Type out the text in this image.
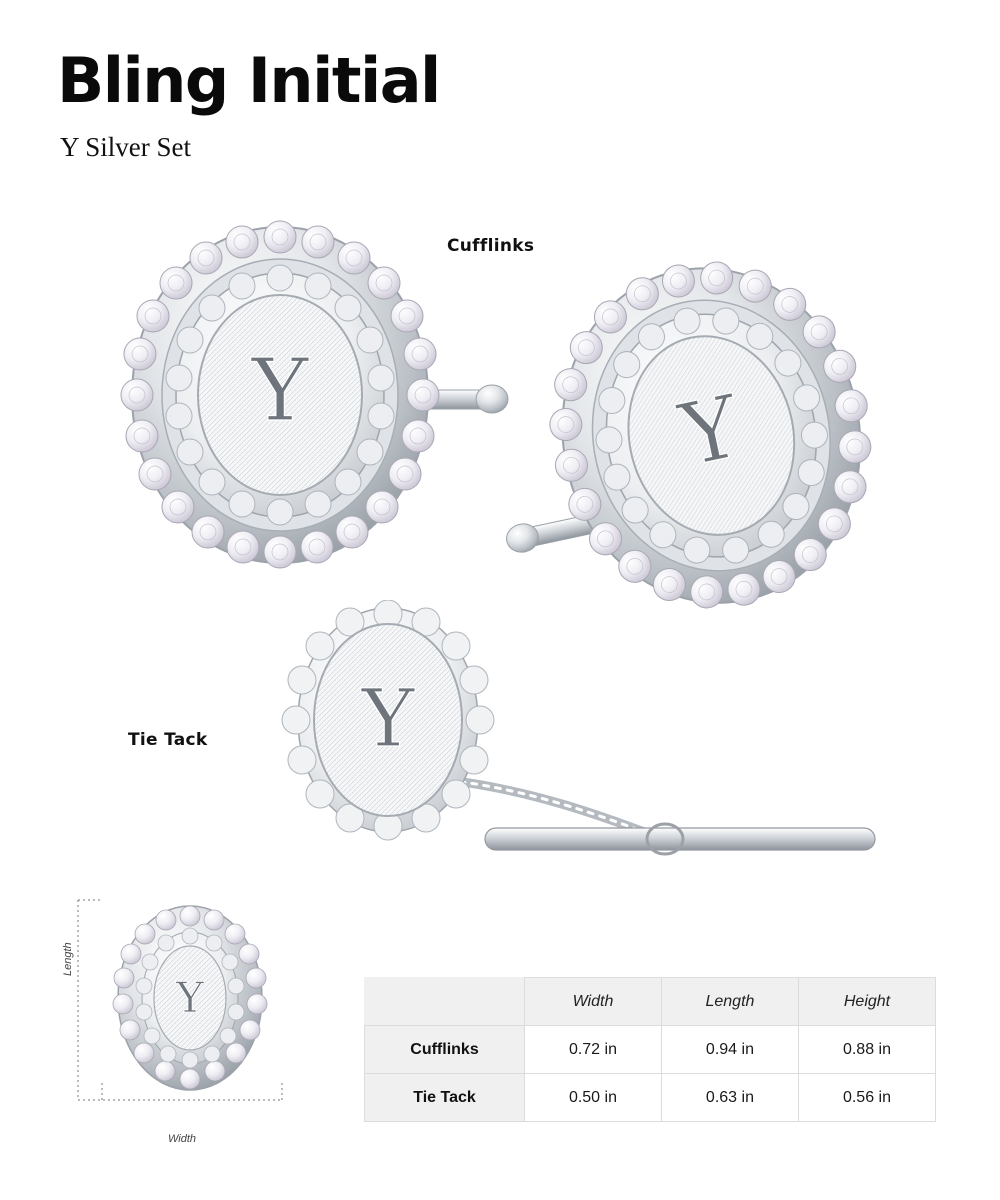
Bling Initial
Y Silver Set
Cufflinks
Tie Tack
Y	Y
Y
Y
Length
Width
	Width	Length	Height
Cufflinks	0.72 in	0.94 in	0.88 in
Tie Tack	0.50 in	0.63 in	0.56 in
